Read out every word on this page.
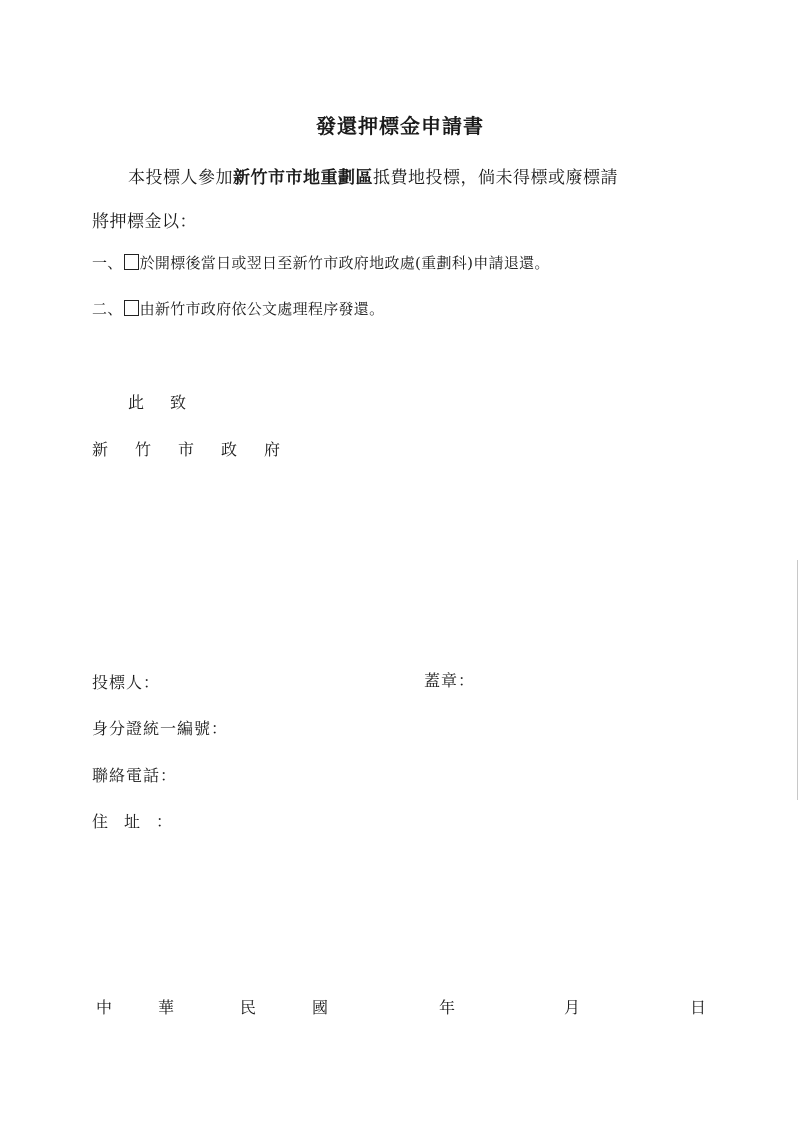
發還押標金申請書
本投標人參加新竹市市地重劃區抵費地投標，倘未得標或廢標請
將押標金以：
一、 於開標後當日或翌日至新竹市政府地政處(重劃科)申請退還。
二、 由新竹市政府依公文處理程序發還。
此致
新竹市政府
投標人：	蓋章：
身分證統一編號：
聯絡電話：
住址：
中	華	民	國	年	月	日
